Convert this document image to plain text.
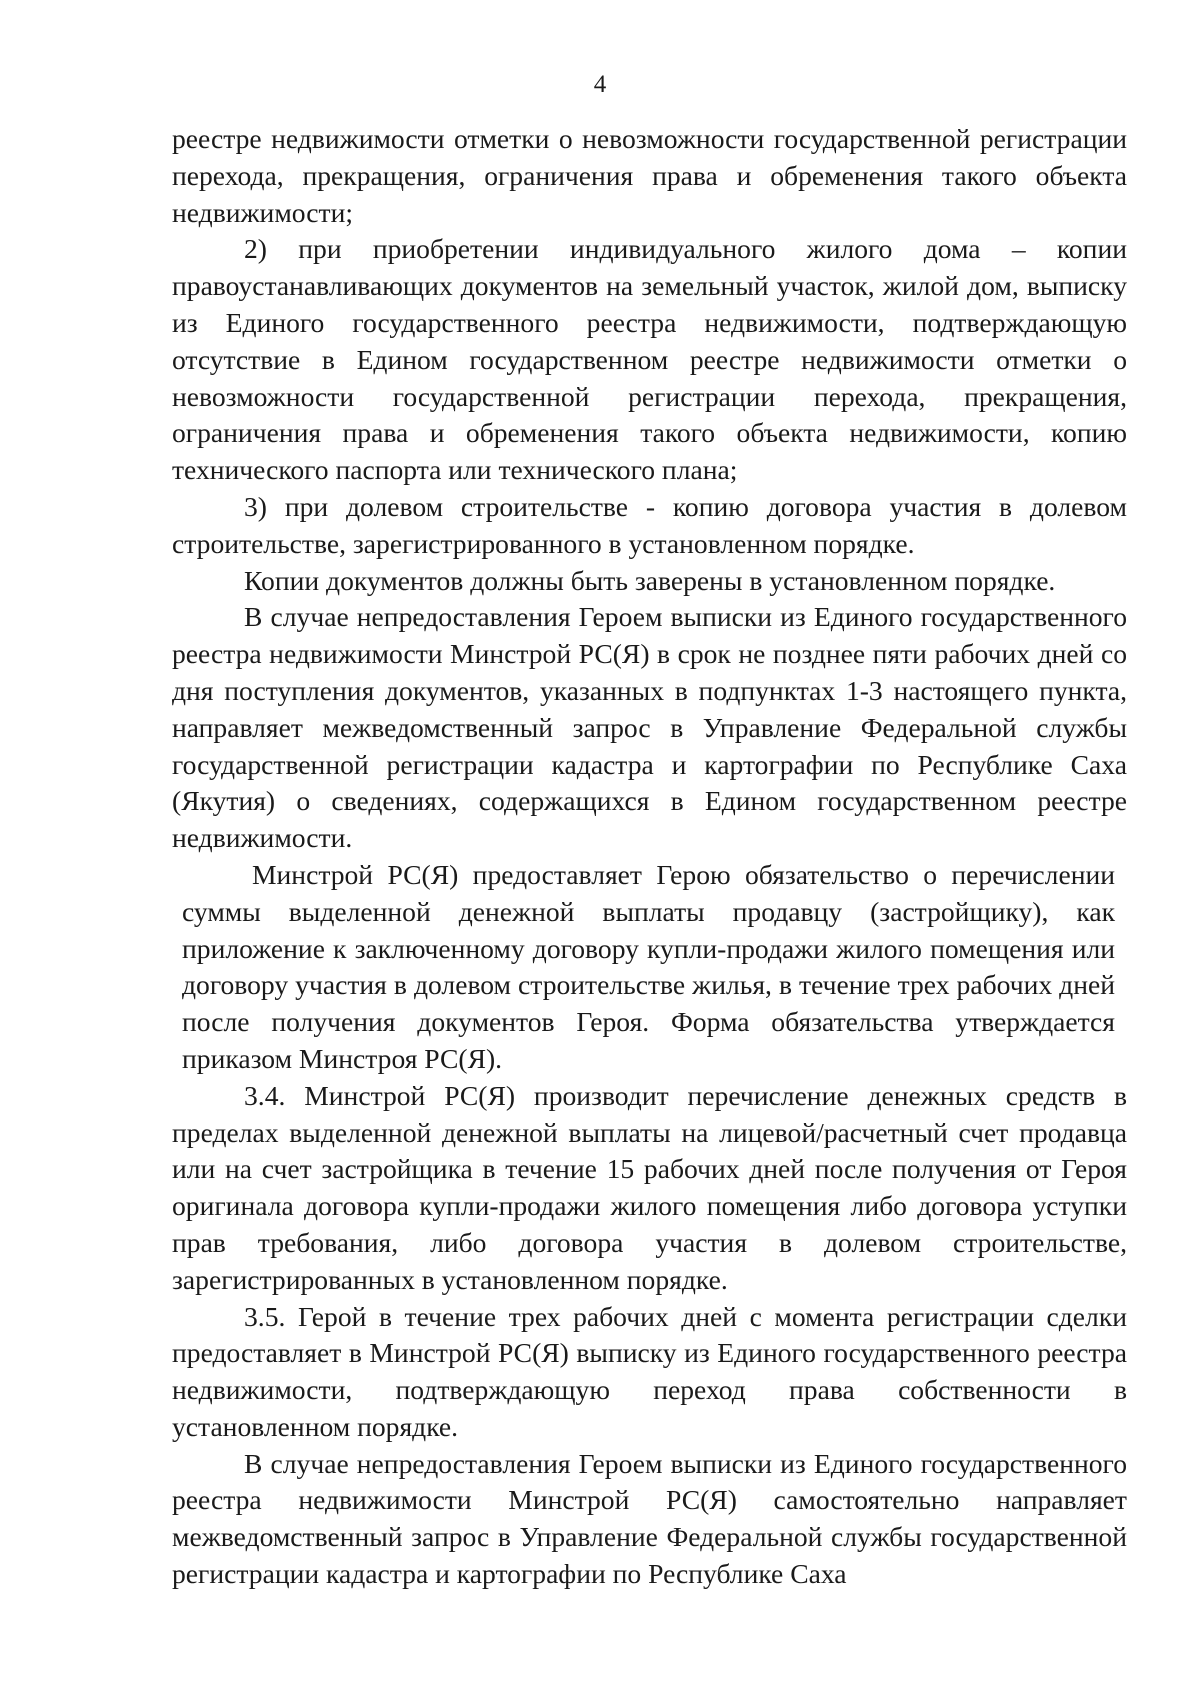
4

реестре недвижимости отметки о невозможности государственной регистрации перехода, прекращения, ограничения права и обременения такого объекта недвижимости;

2) при приобретении индивидуального жилого дома – копии правоустанавливающих документов на земельный участок, жилой дом, выписку из Единого государственного реестра недвижимости, подтверждающую отсутствие в Едином государственном реестре недвижимости отметки о невозможности государственной регистрации перехода, прекращения, ограничения права и обременения такого объекта недвижимости, копию технического паспорта или технического плана;

3) при долевом строительстве - копию договора участия в долевом строительстве, зарегистрированного в установленном порядке.

Копии документов должны быть заверены в установленном порядке.

В случае непредоставления Героем выписки из Единого государственного реестра недвижимости Минстрой РС(Я) в срок не позднее пяти рабочих дней со дня поступления документов, указанных в подпунктах 1-3 настоящего пункта, направляет межведомственный запрос в Управление Федеральной службы государственной регистрации кадастра и картографии по Республике Саха (Якутия) о сведениях, содержащихся в Едином государственном реестре недвижимости.

Минстрой РС(Я) предоставляет Герою обязательство о перечислении суммы выделенной денежной выплаты продавцу (застройщику), как приложение к заключенному договору купли-продажи жилого помещения или договору участия в долевом строительстве жилья, в течение трех рабочих дней после получения документов Героя. Форма обязательства утверждается приказом Минстроя РС(Я).

3.4. Минстрой РС(Я) производит перечисление денежных средств в пределах выделенной денежной выплаты на лицевой/расчетный счет продавца или на счет застройщика в течение 15 рабочих дней после получения от Героя оригинала договора купли-продажи жилого помещения либо договора уступки прав требования, либо договора участия в долевом строительстве, зарегистрированных в установленном порядке.

3.5. Герой в течение трех рабочих дней с момента регистрации сделки предоставляет в Минстрой РС(Я) выписку из Единого государственного реестра недвижимости, подтверждающую переход права собственности в установленном порядке.

В случае непредоставления Героем выписки из Единого государственного реестра недвижимости Минстрой РС(Я) самостоятельно направляет межведомственный запрос в Управление Федеральной службы государственной регистрации кадастра и картографии по Республике Саха
